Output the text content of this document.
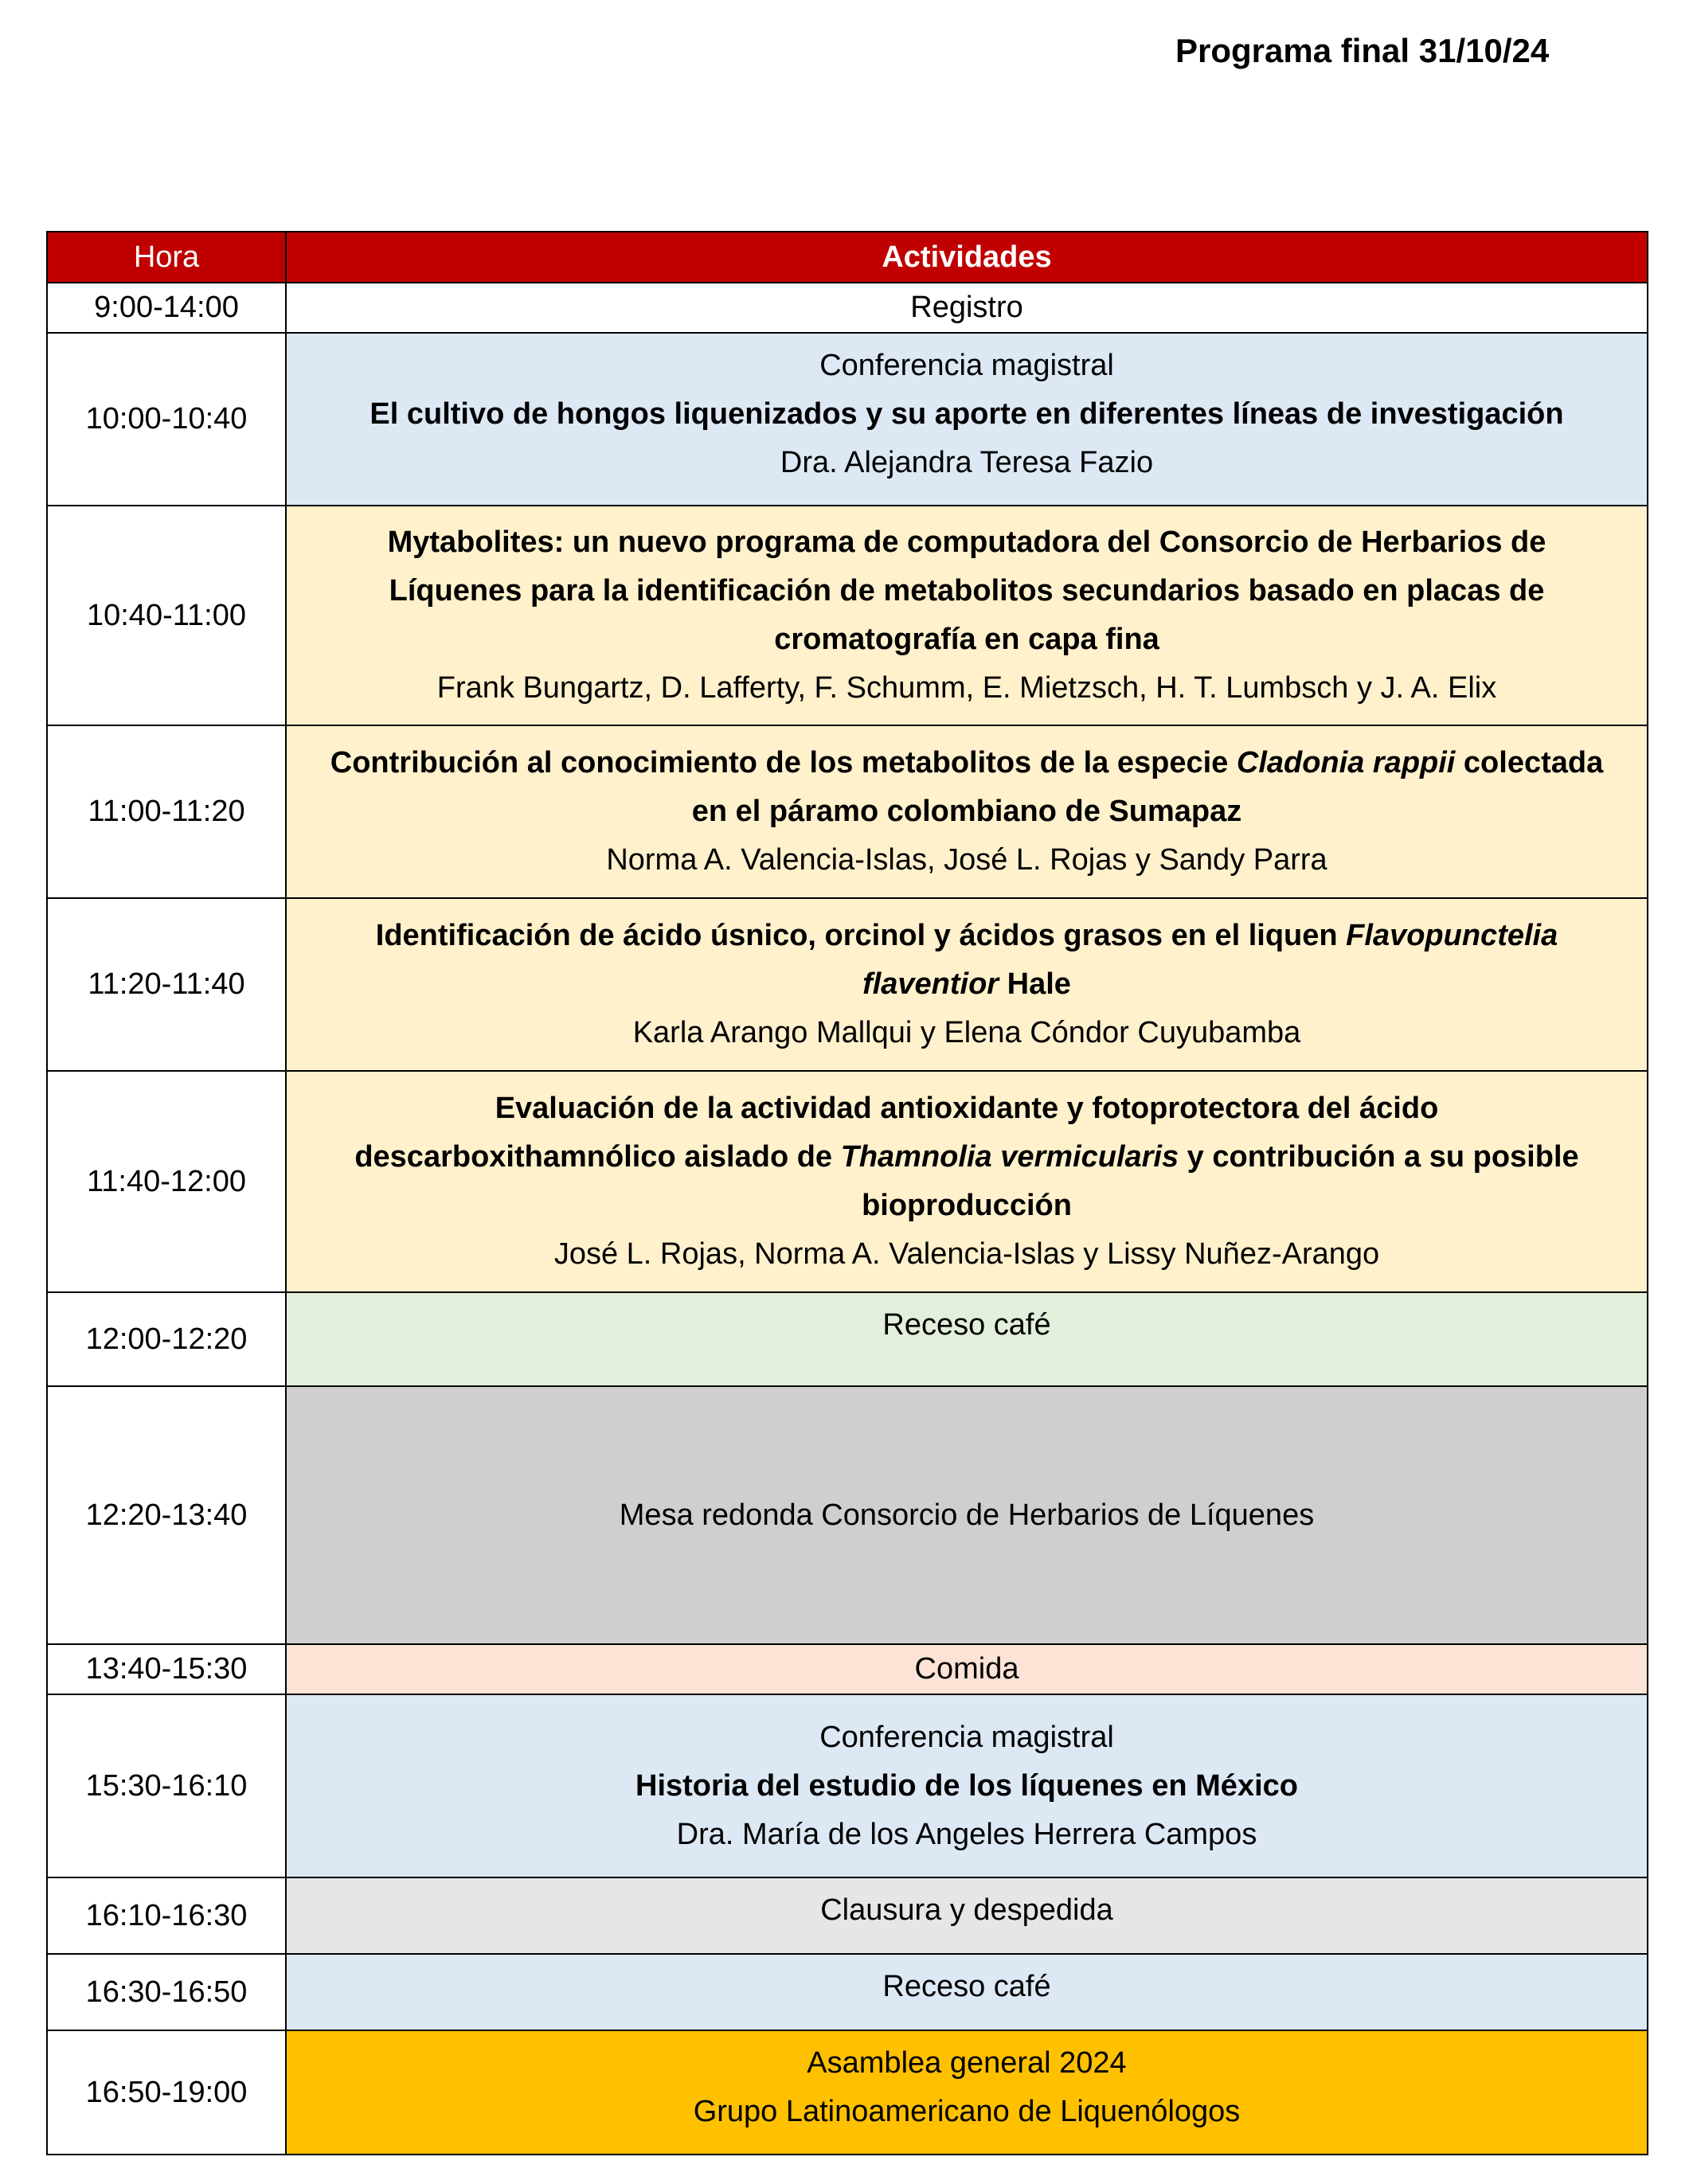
Programa final 31/10/24
Hora	Actividades
9:00-14:00	Registro

10:00-10:40	Conferencia magistral
El cultivo de hongos liquenizados y su aporte en diferentes líneas de investigación
Dra. Alejandra Teresa Fazio

10:40-11:00	Mytabolites: un nuevo programa de computadora del Consorcio de Herbarios de
Líquenes para la identificación de metabolitos secundarios basado en placas de
cromatografía en capa fina
Frank Bungartz, D. Lafferty, F. Schumm, E. Mietzsch, H. T. Lumbsch y J. A. Elix

11:00-11:20	Contribución al conocimiento de los metabolitos de la especie Cladonia rappii colectada
en el páramo colombiano de Sumapaz
Norma A. Valencia-Islas, José L. Rojas y Sandy Parra

11:20-11:40	Identificación de ácido úsnico, orcinol y ácidos grasos en el liquen Flavopunctelia
flaventior Hale
Karla Arango Mallqui y Elena Cóndor Cuyubamba

11:40-12:00	Evaluación de la actividad antioxidante y fotoprotectora del ácido
descarboxithamnólico aislado de Thamnolia vermicularis y contribución a su posible
bioproducción
José L. Rojas, Norma A. Valencia-Islas y Lissy Nuñez-Arango

12:00-12:20	Receso café

12:20-13:40	Mesa redonda Consorcio de Herbarios de Líquenes

13:40-15:30	Comida

15:30-16:10	Conferencia magistral
Historia del estudio de los líquenes en México
Dra. María de los Angeles Herrera Campos

16:10-16:30	Clausura y despedida

16:30-16:50	Receso café

16:50-19:00	Asamblea general 2024
Grupo Latinoamericano de Liquenólogos
